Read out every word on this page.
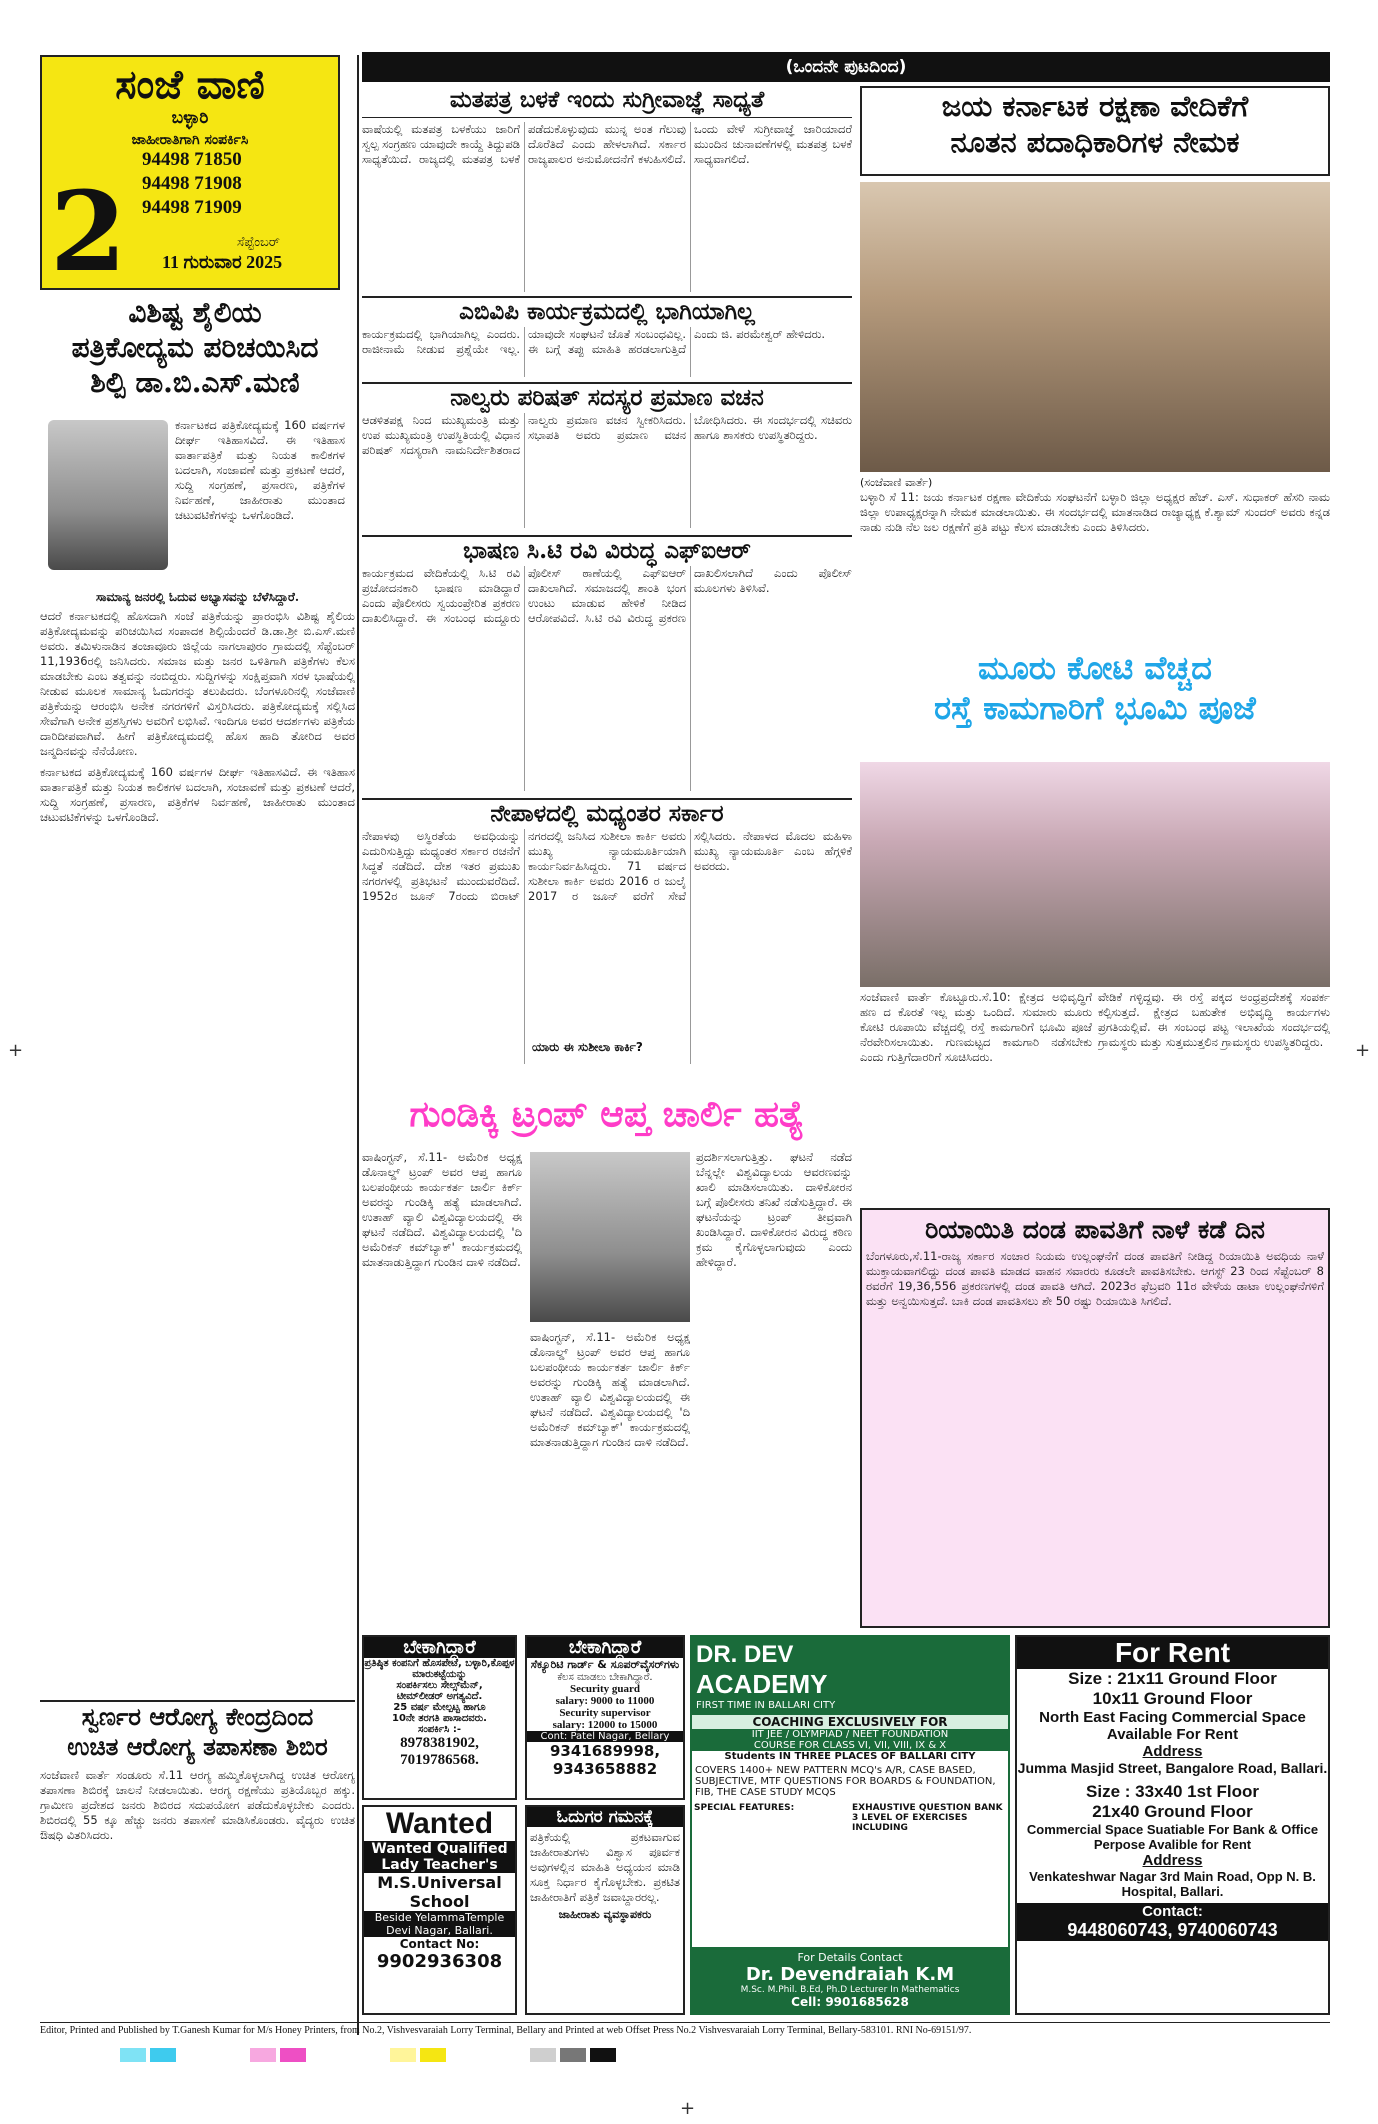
+	+
+
ಸಂಜೆ ವಾಣಿ
ಬಳ್ಳಾರಿ
ಜಾಹೀರಾತಿಗಾಗಿ ಸಂಪರ್ಕಿಸಿ
94498 71850
94498 71908
94498 71909
2	ಸೆಪ್ಟೆಂಬರ್
11 ಗುರುವಾರ 2025
ವಿಶಿಷ್ಟ ಶೈಲಿಯ
ಪತ್ರಿಕೋದ್ಯಮ ಪರಿಚಯಿಸಿದ
ಶಿಲ್ಪಿ ಡಾ.ಬಿ.ಎಸ್.ಮಣಿ
ಕರ್ನಾಟಕದ ಪತ್ರಿಕೋದ್ಯಮಕ್ಕೆ 160 ವರ್ಷಗಳ ದೀರ್ಘ ಇತಿಹಾಸವಿದೆ. ಈ ಇತಿಹಾಸ ವಾರ್ತಾಪತ್ರಿಕೆ ಮತ್ತು ನಿಯತ ಕಾಲಿಕಗಳ ಬದಲಾಗಿ, ಸಂಜಾವಣೆ ಮತ್ತು ಪ್ರಕಟಣೆ ಆದರೆ, ಸುದ್ದಿ ಸಂಗ್ರಹಣೆ, ಪ್ರಸಾರಣ, ಪತ್ರಿಕೆಗಳ ನಿರ್ವಹಣೆ, ಜಾಹೀರಾತು ಮುಂತಾದ ಚಟುವಟಿಕೆಗಳನ್ನು ಒಳಗೊಂಡಿದೆ.
ಸಾಮಾನ್ಯ ಜನರಲ್ಲಿ ಓದುವ ಅಭ್ಯಾಸವನ್ನು ಬೆಳೆಸಿದ್ದಾರೆ.
ಆದರೆ ಕರ್ನಾಟಕದಲ್ಲಿ ಹೊಸದಾಗಿ ಸಂಜೆ ಪತ್ರಿಕೆಯನ್ನು ಪ್ರಾರಂಭಿಸಿ ವಿಶಿಷ್ಟ ಶೈಲಿಯ ಪತ್ರಿಕೋದ್ಯಮವನ್ನು ಪರಿಚಯಿಸಿದ ಸಂಪಾದಕ ಶಿಲ್ಪಿಯೆಂದರೆ ಡಿ.ಡಾ.ಶ್ರೀ ಬಿ.ಎಸ್.ಮಣಿ ಅವರು. ತಮಿಳುನಾಡಿನ ತಂಜಾವೂರು ಜಿಲ್ಲೆಯ ನಾಗಲಾಪುರಂ ಗ್ರಾಮದಲ್ಲಿ ಸೆಪ್ಟೆಂಬರ್ 11,1936ರಲ್ಲಿ ಜನಿಸಿದರು. ಸಮಾಜ ಮತ್ತು ಜನರ ಒಳಿತಿಗಾಗಿ ಪತ್ರಿಕೆಗಳು ಕೆಲಸ ಮಾಡಬೇಕು ಎಂಬ ತತ್ವವನ್ನು ನಂಬಿದ್ದರು. ಸುದ್ದಿಗಳನ್ನು ಸಂಕ್ಷಿಪ್ತವಾಗಿ ಸರಳ ಭಾಷೆಯಲ್ಲಿ ನೀಡುವ ಮೂಲಕ ಸಾಮಾನ್ಯ ಓದುಗರನ್ನು ತಲುಪಿದರು. ಬೆಂಗಳೂರಿನಲ್ಲಿ ಸಂಜೆವಾಣಿ ಪತ್ರಿಕೆಯನ್ನು ಆರಂಭಿಸಿ ಅನೇಕ ನಗರಗಳಿಗೆ ವಿಸ್ತರಿಸಿದರು. ಪತ್ರಿಕೋದ್ಯಮಕ್ಕೆ ಸಲ್ಲಿಸಿದ ಸೇವೆಗಾಗಿ ಅನೇಕ ಪ್ರಶಸ್ತಿಗಳು ಅವರಿಗೆ ಲಭಿಸಿವೆ. ಇಂದಿಗೂ ಅವರ ಆದರ್ಶಗಳು ಪತ್ರಿಕೆಯ ದಾರಿದೀಪವಾಗಿವೆ. ಹೀಗೆ ಪತ್ರಿಕೋದ್ಯಮದಲ್ಲಿ ಹೊಸ ಹಾದಿ ತೋರಿದ ಅವರ ಜನ್ಮದಿನವನ್ನು ನೆನೆಯೋಣ.
ಕರ್ನಾಟಕದ ಪತ್ರಿಕೋದ್ಯಮಕ್ಕೆ 160 ವರ್ಷಗಳ ದೀರ್ಘ ಇತಿಹಾಸವಿದೆ. ಈ ಇತಿಹಾಸ ವಾರ್ತಾಪತ್ರಿಕೆ ಮತ್ತು ನಿಯತ ಕಾಲಿಕಗಳ ಬದಲಾಗಿ, ಸಂಜಾವಣೆ ಮತ್ತು ಪ್ರಕಟಣೆ ಆದರೆ, ಸುದ್ದಿ ಸಂಗ್ರಹಣೆ, ಪ್ರಸಾರಣ, ಪತ್ರಿಕೆಗಳ ನಿರ್ವಹಣೆ, ಜಾಹೀರಾತು ಮುಂತಾದ ಚಟುವಟಿಕೆಗಳನ್ನು ಒಳಗೊಂಡಿದೆ.
ಸ್ವರ್ಣರ ಆರೋಗ್ಯ ಕೇಂದ್ರದಿಂದ
ಉಚಿತ ಆರೋಗ್ಯ ತಪಾಸಣಾ ಶಿಬಿರ
ಸಂಜೆವಾಣಿ ವಾರ್ತೆ ಸಂಡೂರು ಸೆ.11 ಆರಗ್ಯ ಹಮ್ಮಿಕೊಳ್ಳಲಾಗಿದ್ದ ಉಚಿತ ಆರೋಗ್ಯ ತಪಾಸಣಾ ಶಿಬಿರಕ್ಕೆ ಚಾಲನೆ ನೀಡಲಾಯಿತು. ಆರಗ್ಯ ರಕ್ಷಣೆಯು ಪ್ರತಿಯೊಬ್ಬರ ಹಕ್ಕು. ಗ್ರಾಮೀಣ ಪ್ರದೇಶದ ಜನರು ಶಿಬಿರದ ಸದುಪಯೋಗ ಪಡೆದುಕೊಳ್ಳಬೇಕು ಎಂದರು. ಶಿಬಿರದಲ್ಲಿ 55 ಕ್ಕೂ ಹೆಚ್ಚು ಜನರು ತಪಾಸಣೆ ಮಾಡಿಸಿಕೊಂಡರು. ವೈದ್ಯರು ಉಚಿತ ಔಷಧಿ ವಿತರಿಸಿದರು.
(ಒಂದನೇ ಪುಟದಿಂದ)
ಮತಪತ್ರ ಬಳಕೆ ಇಂದು ಸುಗ್ರೀವಾಜ್ಞೆ ಸಾಧ್ಯತೆ
ವಾಷೆಯಲ್ಲಿ ಮತಪತ್ರ ಬಳಕೆಯು ಜಾರಿಗೆ ಸ್ವಲ್ಪ ಸಂಗ್ರಹಣ ಯಾವುದೇ ಕಾಯ್ದೆ ತಿದ್ದುಪಡಿ ಸಾಧ್ಯತೆಯಿದೆ. ರಾಜ್ಯದಲ್ಲಿ ಮತಪತ್ರ ಬಳಕೆ ಪಡೆದುಕೊಳ್ಳುವುದು ಮುನ್ನ ಅಂತ ಗೆಲುವು ದೊರೆತಿದೆ ಎಂದು ಹೇಳಲಾಗಿದೆ. ಸರ್ಕಾರ ರಾಜ್ಯಪಾಲರ ಅನುಮೋದನೆಗೆ ಕಳುಹಿಸಲಿದೆ. ಒಂದು ವೇಳೆ ಸುಗ್ರೀವಾಜ್ಞೆ ಜಾರಿಯಾದರೆ ಮುಂದಿನ ಚುನಾವಣೆಗಳಲ್ಲಿ ಮತಪತ್ರ ಬಳಕೆ ಸಾಧ್ಯವಾಗಲಿದೆ.
ಎಬಿವಿಪಿ ಕಾರ್ಯಕ್ರಮದಲ್ಲಿ ಭಾಗಿಯಾಗಿಲ್ಲ
ಕಾರ್ಯಕ್ರಮದಲ್ಲಿ ಭಾಗಿಯಾಗಿಲ್ಲ ಎಂದರು. ರಾಜೀನಾಮೆ ನೀಡುವ ಪ್ರಶ್ನೆಯೇ ಇಲ್ಲ. ಯಾವುದೇ ಸಂಘಟನೆ ಜೊತೆ ಸಂಬಂಧವಿಲ್ಲ. ಈ ಬಗ್ಗೆ ತಪ್ಪು ಮಾಹಿತಿ ಹರಡಲಾಗುತ್ತಿದೆ ಎಂದು ಜಿ. ಪರಮೇಶ್ವರ್ ಹೇಳಿದರು.
ನಾಲ್ವರು ಪರಿಷತ್ ಸದಸ್ಯರ ಪ್ರಮಾಣ ವಚನ
ಆಡಳಿತಪಕ್ಷ ನಿಂದ ಮುಖ್ಯಮಂತ್ರಿ ಮತ್ತು ಉಪ ಮುಖ್ಯಮಂತ್ರಿ ಉಪಸ್ಥಿತಿಯಲ್ಲಿ ವಿಧಾನ ಪರಿಷತ್ ಸದಸ್ಯರಾಗಿ ನಾಮನಿರ್ದೇಶಿತರಾದ ನಾಲ್ವರು ಪ್ರಮಾಣ ವಚನ ಸ್ವೀಕರಿಸಿದರು. ಸಭಾಪತಿ ಅವರು ಪ್ರಮಾಣ ವಚನ ಬೋಧಿಸಿದರು. ಈ ಸಂದರ್ಭದಲ್ಲಿ ಸಚಿವರು ಹಾಗೂ ಶಾಸಕರು ಉಪಸ್ಥಿತರಿದ್ದರು.
ಭಾಷಣ ಸಿ.ಟಿ ರವಿ ವಿರುದ್ಧ ಎಫ್‌ಐಆರ್
ಕಾರ್ಯಕ್ರಮದ ವೇದಿಕೆಯಲ್ಲಿ ಸಿ.ಟಿ ರವಿ ಪ್ರಚೋದನಕಾರಿ ಭಾಷಣ ಮಾಡಿದ್ದಾರೆ ಎಂದು ಪೊಲೀಸರು ಸ್ವಯಂಪ್ರೇರಿತ ಪ್ರಕರಣ ದಾಖಲಿಸಿದ್ದಾರೆ. ಈ ಸಂಬಂಧ ಮದ್ದೂರು ಪೊಲೀಸ್ ಠಾಣೆಯಲ್ಲಿ ಎಫ್ಐಆರ್ ದಾಖಲಾಗಿದೆ. ಸಮಾಜದಲ್ಲಿ ಶಾಂತಿ ಭಂಗ ಉಂಟು ಮಾಡುವ ಹೇಳಿಕೆ ನೀಡಿದ ಆರೋಪವಿದೆ. ಸಿ.ಟಿ ರವಿ ವಿರುದ್ಧ ಪ್ರಕರಣ ದಾಖಲಿಸಲಾಗಿದೆ ಎಂದು ಪೊಲೀಸ್ ಮೂಲಗಳು ತಿಳಿಸಿವೆ.
ನೇಪಾಳದಲ್ಲಿ ಮಧ್ಯಂತರ ಸರ್ಕಾರ
ನೇಪಾಳವು ಅಸ್ಥಿರತೆಯ ಅವಧಿಯನ್ನು ಎದುರಿಸುತ್ತಿದ್ದು ಮಧ್ಯಂತರ ಸರ್ಕಾರ ರಚನೆಗೆ ಸಿದ್ಧತೆ ನಡೆದಿದೆ. ದೇಶ ಇತರ ಪ್ರಮುಖ ನಗರಗಳಲ್ಲಿ ಪ್ರತಿಭಟನೆ ಮುಂದುವರೆದಿದೆ. 1952ರ ಜೂನ್ 7ರಂದು ಬಿರಾಟ್ ನಗರದಲ್ಲಿ ಜನಿಸಿದ ಸುಶೀಲಾ ಕಾರ್ಕಿ ಅವರು ಮುಖ್ಯ ನ್ಯಾಯಮೂರ್ತಿಯಾಗಿ ಕಾರ್ಯನಿರ್ವಹಿಸಿದ್ದರು. 71 ವರ್ಷದ ಸುಶೀಲಾ ಕಾರ್ಕಿ ಅವರು 2016 ರ ಜುಲೈ 2017 ರ ಜೂನ್ ವರೆಗೆ ಸೇವೆ ಸಲ್ಲಿಸಿದರು. ನೇಪಾಳದ ಮೊದಲ ಮಹಿಳಾ ಮುಖ್ಯ ನ್ಯಾಯಮೂರ್ತಿ ಎಂಬ ಹೆಗ್ಗಳಿಕೆ ಅವರದು.
ಯಾರು ಈ ಸುಶೀಲಾ ಕಾರ್ಕಿ?
ಗುಂಡಿಕ್ಕಿ ಟ್ರಂಪ್ ಆಪ್ತ ಚಾರ್ಲಿ ಹತ್ಯೆ
ವಾಷಿಂಗ್ಟನ್, ಸೆ.11- ಅಮೆರಿಕ ಅಧ್ಯಕ್ಷ ಡೊನಾಲ್ಡ್ ಟ್ರಂಪ್ ಅವರ ಆಪ್ತ ಹಾಗೂ ಬಲಪಂಥೀಯ ಕಾರ್ಯಕರ್ತ ಚಾರ್ಲಿ ಕಿರ್ಕ್ ಅವರನ್ನು ಗುಂಡಿಕ್ಕಿ ಹತ್ಯೆ ಮಾಡಲಾಗಿದೆ. ಉತಾಹ್ ವ್ಯಾಲಿ ವಿಶ್ವವಿದ್ಯಾಲಯದಲ್ಲಿ ಈ ಘಟನೆ ನಡೆದಿದೆ. ವಿಶ್ವವಿದ್ಯಾಲಯದಲ್ಲಿ 'ದಿ ಅಮೆರಿಕನ್ ಕಮ್‌ಬ್ಯಾಕ್' ಕಾರ್ಯಕ್ರಮದಲ್ಲಿ ಮಾತನಾಡುತ್ತಿದ್ದಾಗ ಗುಂಡಿನ ದಾಳಿ ನಡೆದಿದೆ.
ಪ್ರದರ್ಶಿಸಲಾಗುತ್ತಿತ್ತು. ಘಟನೆ ನಡೆದ ಬೆನ್ನಲ್ಲೇ ವಿಶ್ವವಿದ್ಯಾಲಯ ಆವರಣವನ್ನು ಖಾಲಿ ಮಾಡಿಸಲಾಯಿತು. ದಾಳಿಕೋರನ ಬಗ್ಗೆ ಪೊಲೀಸರು ತನಿಖೆ ನಡೆಸುತ್ತಿದ್ದಾರೆ. ಈ ಘಟನೆಯನ್ನು ಟ್ರಂಪ್ ತೀವ್ರವಾಗಿ ಖಂಡಿಸಿದ್ದಾರೆ. ದಾಳಿಕೋರನ ವಿರುದ್ಧ ಕಠಿಣ ಕ್ರಮ ಕೈಗೊಳ್ಳಲಾಗುವುದು ಎಂದು ಹೇಳಿದ್ದಾರೆ.
ವಾಷಿಂಗ್ಟನ್, ಸೆ.11- ಅಮೆರಿಕ ಅಧ್ಯಕ್ಷ ಡೊನಾಲ್ಡ್ ಟ್ರಂಪ್ ಅವರ ಆಪ್ತ ಹಾಗೂ ಬಲಪಂಥೀಯ ಕಾರ್ಯಕರ್ತ ಚಾರ್ಲಿ ಕಿರ್ಕ್ ಅವರನ್ನು ಗುಂಡಿಕ್ಕಿ ಹತ್ಯೆ ಮಾಡಲಾಗಿದೆ. ಉತಾಹ್ ವ್ಯಾಲಿ ವಿಶ್ವವಿದ್ಯಾಲಯದಲ್ಲಿ ಈ ಘಟನೆ ನಡೆದಿದೆ. ವಿಶ್ವವಿದ್ಯಾಲಯದಲ್ಲಿ 'ದಿ ಅಮೆರಿಕನ್ ಕಮ್‌ಬ್ಯಾಕ್' ಕಾರ್ಯಕ್ರಮದಲ್ಲಿ ಮಾತನಾಡುತ್ತಿದ್ದಾಗ ಗುಂಡಿನ ದಾಳಿ ನಡೆದಿದೆ.
ಬೇಕಾಗಿದ್ದಾರೆ
ಪ್ರತಿಷ್ಠಿತ ಕಂಪನಿಗೆ ಹೊಸಪೇಟೆ, ಬಳ್ಳಾರಿ,ಕೊಪ್ಪಳ ಮಾರುಕಟ್ಟೆಯನ್ನು
ಸಂಪರ್ಕಿಸಲು ಸೇಲ್ಸ್‌ಮೆನ್,
ಟೀಮ್‌ಲೀಡರ್ ಅಗತ್ಯವಿದೆ.
25 ವರ್ಷ ಮೇಲ್ಪಟ್ಟ ಹಾಗೂ
10ನೇ ತರಗತಿ ಪಾಸಾದವರು.
ಸಂಪರ್ಕಿಸಿ :-
8978381902, 7019786568.
ಬೇಕಾಗಿದ್ದಾರೆ
ಸೆಕ್ಯೂರಿಟಿ ಗಾರ್ಡ್ & ಸೂಪರ್‌ವೈಸರ್‌ಗಳು
ಕೆಲಸ ಮಾಡಲು ಬೇಕಾಗಿದ್ದಾರೆ.
Security guard
salary: 9000 to 11000
Security supervisor
salary: 12000 to 15000
Cont: Patel Nagar, Bellary
9341689998,
9343658882
Wanted
Wanted Qualified Lady Teacher's
M.S.Universal School
Beside YelammaTemple Devi Nagar, Ballari.
Contact No:
9902936308
ಓದುಗರ ಗಮನಕ್ಕೆ
ಪತ್ರಿಕೆಯಲ್ಲಿ ಪ್ರಕಟವಾಗುವ ಜಾಹೀರಾತುಗಳು ವಿಶ್ವಾಸ ಪೂರ್ವಕ ಅವುಗಳಲ್ಲಿನ ಮಾಹಿತಿ ಅಧ್ಯಯನ ಮಾಡಿ ಸೂಕ್ತ ನಿರ್ಧಾರ ಕೈಗೊಳ್ಳಬೇಕು. ಪ್ರಕಟಿತ ಜಾಹೀರಾತಿಗೆ ಪತ್ರಿಕೆ ಜವಾಬ್ದಾರರಲ್ಲ.
ಜಾಹೀರಾತು ವ್ಯವಸ್ಥಾಪಕರು
DR. DEV
ACADEMY
FIRST TIME IN BALLARI CITY
COACHING EXCLUSIVELY FOR
IIT JEE / OLYMPIAD / NEET FOUNDATION
COURSE FOR CLASS VI, VII, VIII, IX & X
Students IN THREE PLACES OF BALLARI CITY
COVERS 1400+ NEW PATTERN MCQ's A/R, CASE BASED, SUBJECTIVE, MTF QUESTIONS FOR BOARDS & FOUNDATION, FIB, THE CASE STUDY MCQS
SPECIAL FEATURES:	EXHAUSTIVE QUESTION BANK 3 LEVEL OF EXERCISES INCLUDING
For Details Contact
Dr. Devendraiah K.M
M.Sc. M.Phil. B.Ed, Ph.D Lecturer In Mathematics
Cell: 9901685628
ಜಯ ಕರ್ನಾಟಕ ರಕ್ಷಣಾ ವೇದಿಕೆಗೆ
ನೂತನ ಪದಾಧಿಕಾರಿಗಳ ನೇಮಕ
(ಸಂಜೆವಾಣಿ ವಾರ್ತೆ)
ಬಳ್ಳಾರಿ ಸೆ 11: ಜಯ ಕರ್ನಾಟಕ ರಕ್ಷಣಾ ವೇದಿಕೆಯ ಸಂಘಟನೆಗೆ ಬಳ್ಳಾರಿ ಜಿಲ್ಲಾ ಅಧ್ಯಕ್ಷರ ಹೆಚ್. ಎಸ್. ಸುಧಾಕರ್ ಹೆಸರಿ ನಾಮ ಜಿಲ್ಲಾ ಉಪಾಧ್ಯಕ್ಷರನ್ನಾಗಿ ನೇಮಕ ಮಾಡಲಾಯಿತು. ಈ ಸಂದರ್ಭದಲ್ಲಿ ಮಾತನಾಡಿದ ರಾಜ್ಯಾಧ್ಯಕ್ಷ ಕೆ.ಶ್ಯಾಮ್ ಸುಂದರ್ ಅವರು ಕನ್ನಡ ನಾಡು ನುಡಿ ನೆಲ ಜಲ ರಕ್ಷಣೆಗೆ ಪ್ರತಿ ಪಟ್ಟು ಕೆಲಸ ಮಾಡಬೇಕು ಎಂದು ತಿಳಿಸಿದರು.
ಮೂರು ಕೋಟಿ ವೆಚ್ಚದ
ರಸ್ತೆ ಕಾಮಗಾರಿಗೆ ಭೂಮಿ ಪೂಜೆ
ಸಂಜೆವಾಣಿ ವಾರ್ತೆ ಕೊಟ್ಟೂರು.ಸೆ.10: ಕ್ಷೇತ್ರದ ಅಭಿವೃದ್ಧಿಗೆ ಹಣ ದ ಕೊರತೆ ಇಲ್ಲ ಮತ್ತು ಒಂದಿದೆ. ಸುಮಾರು ಮೂರು ಕೋಟಿ ರೂಪಾಯಿ ವೆಚ್ಚದಲ್ಲಿ ರಸ್ತೆ ಕಾಮಗಾರಿಗೆ ಭೂಮಿ ಪೂಜೆ ನೆರವೇರಿಸಲಾಯಿತು. ಗುಣಮಟ್ಟದ ಕಾಮಗಾರಿ ನಡೆಸಬೇಕು ಎಂದು ಗುತ್ತಿಗೆದಾರರಿಗೆ ಸೂಚಿಸಿದರು.
ವೇಡಿಕೆ ಗಳ್ಳಿದ್ದವು. ಈ ರಸ್ತೆ ಪಕ್ಕದ ಅಂಧ್ರಪ್ರದೇಶಕ್ಕೆ ಸಂಪರ್ಕ ಕಲ್ಪಿಸುತ್ತದೆ. ಕ್ಷೇತ್ರದ ಬಹುತೇಕ ಅಭಿವೃದ್ಧಿ ಕಾರ್ಯಗಳು ಪ್ರಗತಿಯಲ್ಲಿವೆ. ಈ ಸಂಬಂಧ ಪಟ್ಟ ಇಲಾಖೆಯ ಸಂದರ್ಭದಲ್ಲಿ ಗ್ರಾಮಸ್ಥರು ಮತ್ತು ಸುತ್ತಮುತ್ತಲಿನ ಗ್ರಾಮಸ್ಥರು ಉಪಸ್ಥಿತರಿದ್ದರು.
ರಿಯಾಯಿತಿ ದಂಡ ಪಾವತಿಗೆ ನಾಳೆ ಕಡೆ ದಿನ
ಬೆಂಗಳೂರು,ಸೆ.11-ರಾಜ್ಯ ಸರ್ಕಾರ ಸಂಚಾರ ನಿಯಮ ಉಲ್ಲಂಘನೆಗೆ ದಂಡ ಪಾವತಿಗೆ ನೀಡಿದ್ದ ರಿಯಾಯಿತಿ ಅವಧಿಯ ನಾಳೆ ಮುಕ್ತಾಯವಾಗಲಿದ್ದು ದಂಡ ಪಾವತಿ ಮಾಡದ ವಾಹನ ಸವಾರರು ಕೂಡಲೇ ಪಾವತಿಸಬೇಕು. ಆಗಸ್ಟ್ 23 ರಿಂದ ಸೆಪ್ಟೆಂಬರ್ 8 ರವರೆಗೆ 19,36,556 ಪ್ರಕರಣಗಳಲ್ಲಿ ದಂಡ ಪಾವತಿ ಆಗಿದೆ. 2023ರ ಫೆಬ್ರವರಿ 11ರ ವೇಳೆಯ ಡಾಟಾ ಉಲ್ಲಂಘನೆಗಳಿಗೆ ಮತ್ತು ಅನ್ವಯಿಸುತ್ತದೆ. ಬಾಕಿ ದಂಡ ಪಾವತಿಸಲು ಶೇ 50 ರಷ್ಟು ರಿಯಾಯಿತಿ ಸಿಗಲಿದೆ.
For Rent
Size : 21x11 Ground Floor
10x11 Ground Floor
North East Facing Commercial Space Available For Rent
Address
Jumma Masjid Street, Bangalore Road, Ballari.
Size : 33x40 1st Floor
21x40 Ground Floor
Commercial Space Suatiable For Bank & Office Perpose Avalible for Rent
Address
Venkateshwar Nagar 3rd Main Road, Opp N. B. Hospital, Ballari.
Contact:
9448060743, 9740060743
Editor, Printed and Published by T.Ganesh Kumar for M/s Honey Printers, from No.2, Vishvesvaraiah Lorry Terminal, Bellary and Printed at web Offset Press No.2 Vishvesvaraiah Lorry Terminal, Bellary-583101. RNI No-69151/97.
